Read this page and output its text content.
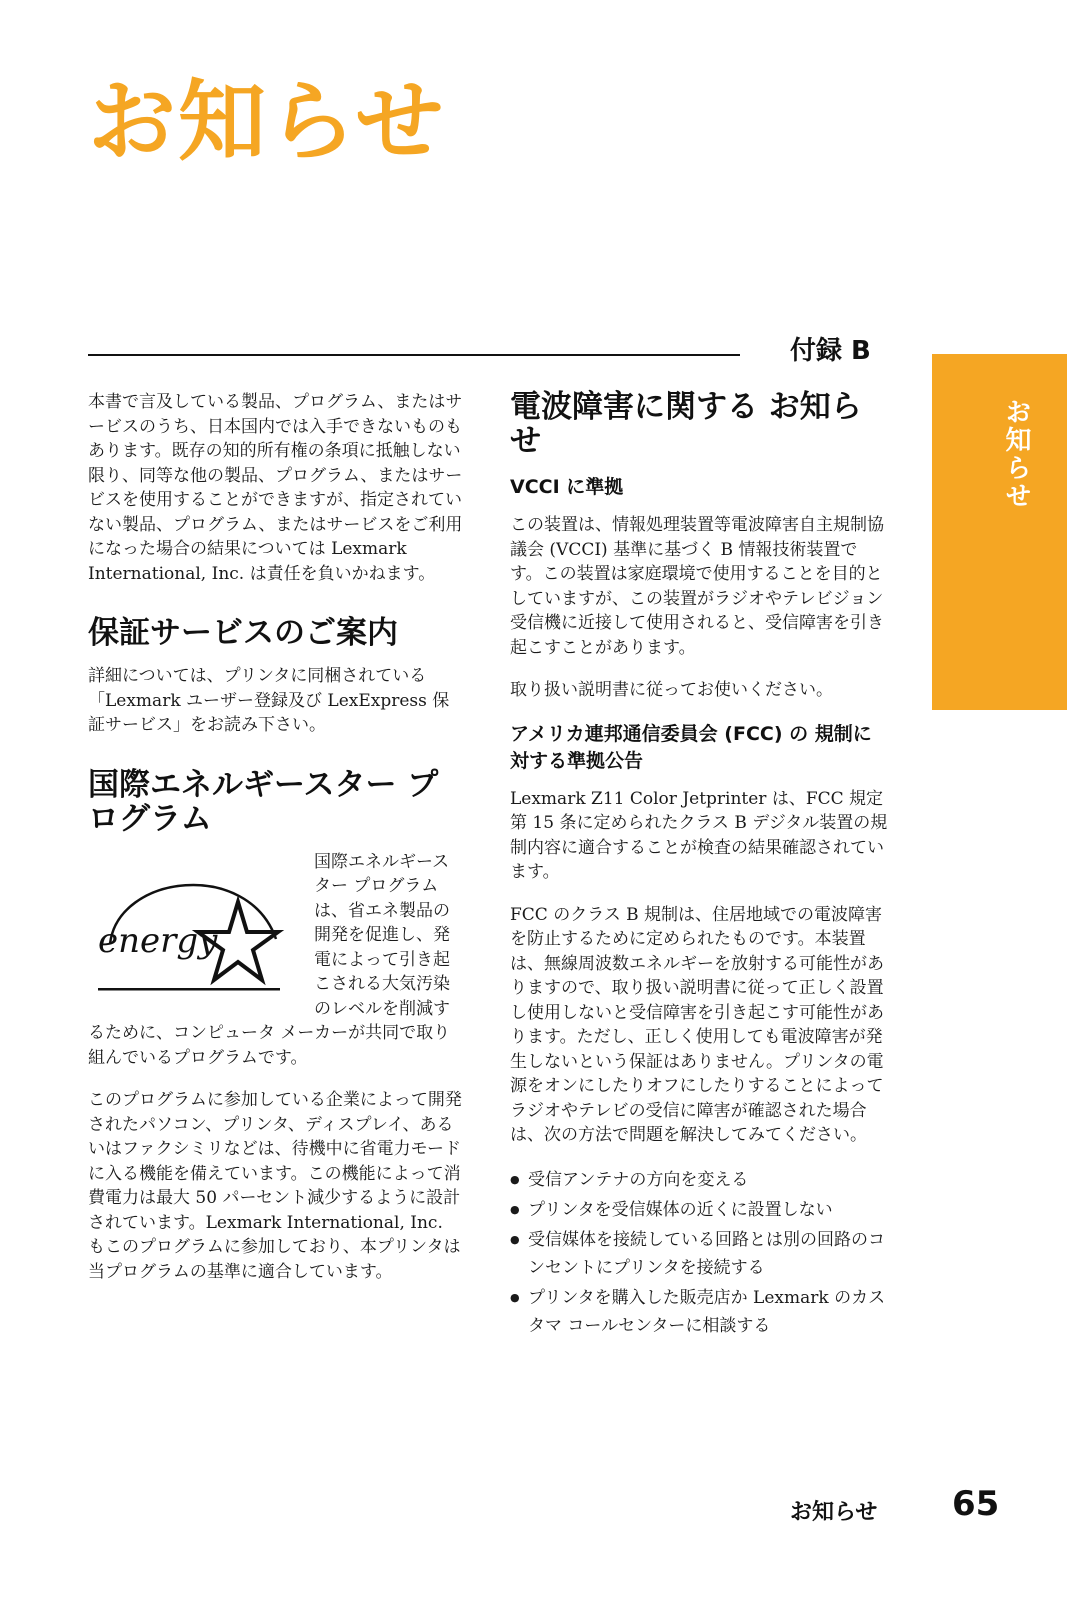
お知らせ
付録 B
お知らせ

本書で言及している製品、プログラム、またはサービスのうち、日本国内では入手できないものもあります。既存の知的所有権の条項に抵触しない限り、同等な他の製品、プログラム、またはサービスを使用することができますが、指定されていない製品、プログラム、またはサービスをご利用になった場合の結果については Lexmark International, Inc. は責任を負いかねます。

保証サービスのご案内

詳細については、プリンタに同梱されている「Lexmark ユーザー登録及び LexExpress 保証サービス」をお読み下さい。

国際エネルギースター プログラム
energy

国際エネルギースター プログラムは、省エネ製品の開発を促進し、発電によって引き起こされる大気汚染のレベルを削減するために、コンピュータ メーカーが共同で取り組んでいるプログラムです。

このプログラムに参加している企業によって開発されたパソコン、プリンタ、ディスプレイ、あるいはファクシミリなどは、待機中に省電力モードに入る機能を備えています。この機能によって消費電力は最大 50 パーセント減少するように設計されています。Lexmark International, Inc. もこのプログラムに参加しており、本プリンタは当プログラムの基準に適合しています。

電波障害に関する お知らせ
VCCI に準拠

この装置は、情報処理装置等電波障害自主規制協議会 (VCCI) 基準に基づく B 情報技術装置です。この装置は家庭環境で使用することを目的としていますが、この装置がラジオやテレビジョン受信機に近接して使用されると、受信障害を引き起こすことがあります。

取り扱い説明書に従ってお使いください。

アメリカ連邦通信委員会 (FCC) の 規制に対する準拠公告

Lexmark Z11 Color Jetprinter は、FCC 規定第 15 条に定められたクラス B デジタル装置の規制内容に適合することが検査の結果確認されています。

FCC のクラス B 規制は、住居地域での電波障害を防止するために定められたものです。本装置は、無線周波数エネルギーを放射する可能性がありますので、取り扱い説明書に従って正しく設置し使用しないと受信障害を引き起こす可能性があります。ただし、正しく使用しても電波障害が発生しないという保証はありません。プリンタの電源をオンにしたりオフにしたりすることによってラジオやテレビの受信に障害が確認された場合は、次の方法で問題を解決してみてください。

● 受信アンテナの方向を変える
● プリンタを受信媒体の近くに設置しない
● 受信媒体を接続している回路とは別の回路のコンセントにプリンタを接続する
● プリンタを購入した販売店か Lexmark のカスタマ コールセンターに相談する
お知らせ 65
